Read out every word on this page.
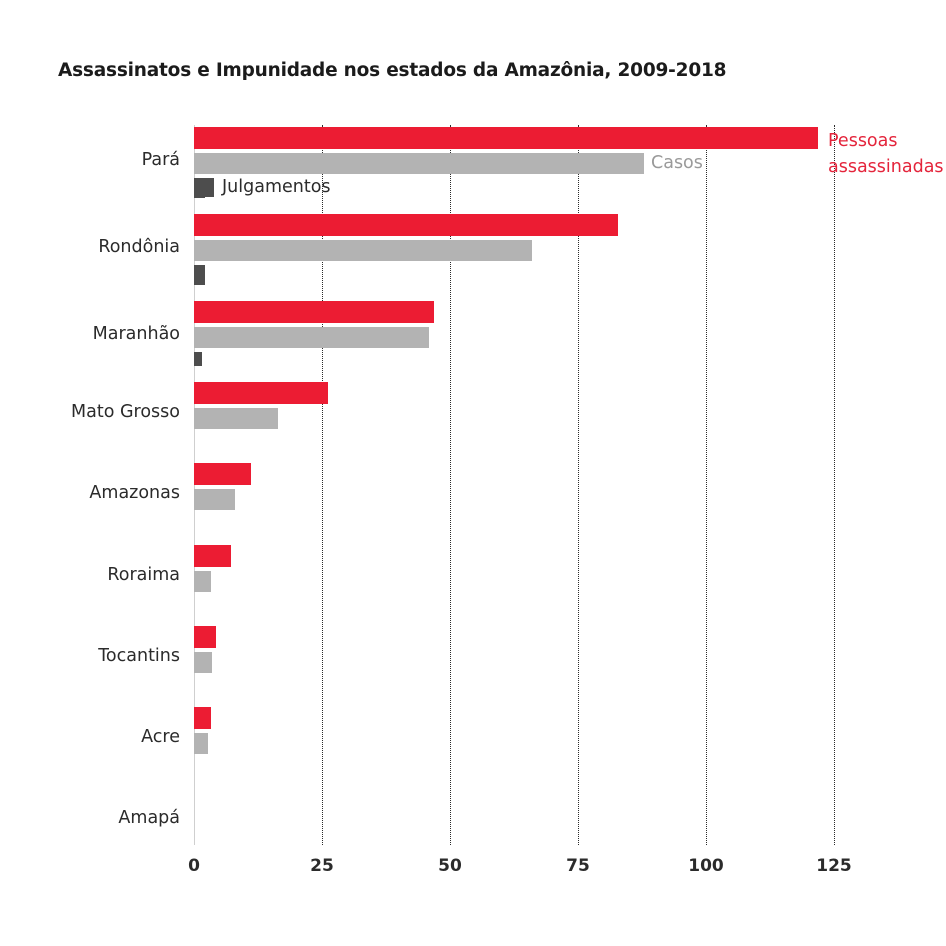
Assassinatos e Impunidade nos estados da Amazônia, 2009-2018
Pará
Rondônia
Maranhão
Mato Grosso
Amazonas
Roraima
Tocantins
Acre
Amapá
Pessoas
assassinadas
Casos
Julgamentos
0	25	50	75	100	125
